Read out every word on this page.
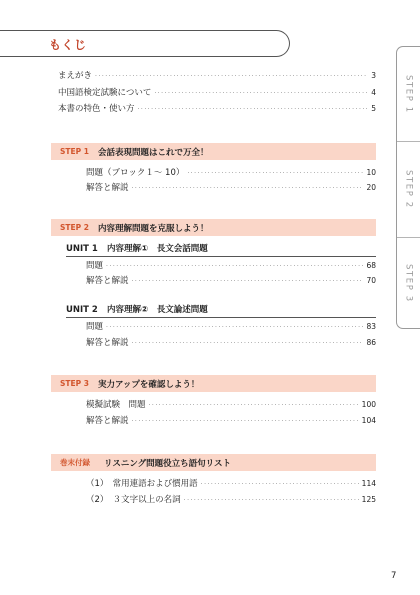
もくじ
STEP 1
STEP 2
STEP 3
まえがき ·····	3
中国語検定試験について ·····	4
本書の特色・使い方 ·····	5
STEP 1	会話表現問題はこれで万全！
問題（ブロック１～ 10） ·····	10
解答と解説 ·····	20
STEP 2	内容理解問題を克服しよう！
UNIT 1 内容理解①　長文会話問題
問題 ·····	68
解答と解説 ·····	70
UNIT 2 内容理解②　長文論述問題
問題 ·····	83
解答と解説 ·····	86
STEP 3	実力アップを確認しよう！
模擬試験　問題 ·····	100
解答と解説 ·····	104
巻末付録	リスニング問題役立ち語句リスト
（1）　常用連語および慣用語 ·····	114
（2）　３文字以上の名詞 ·····	125
7
